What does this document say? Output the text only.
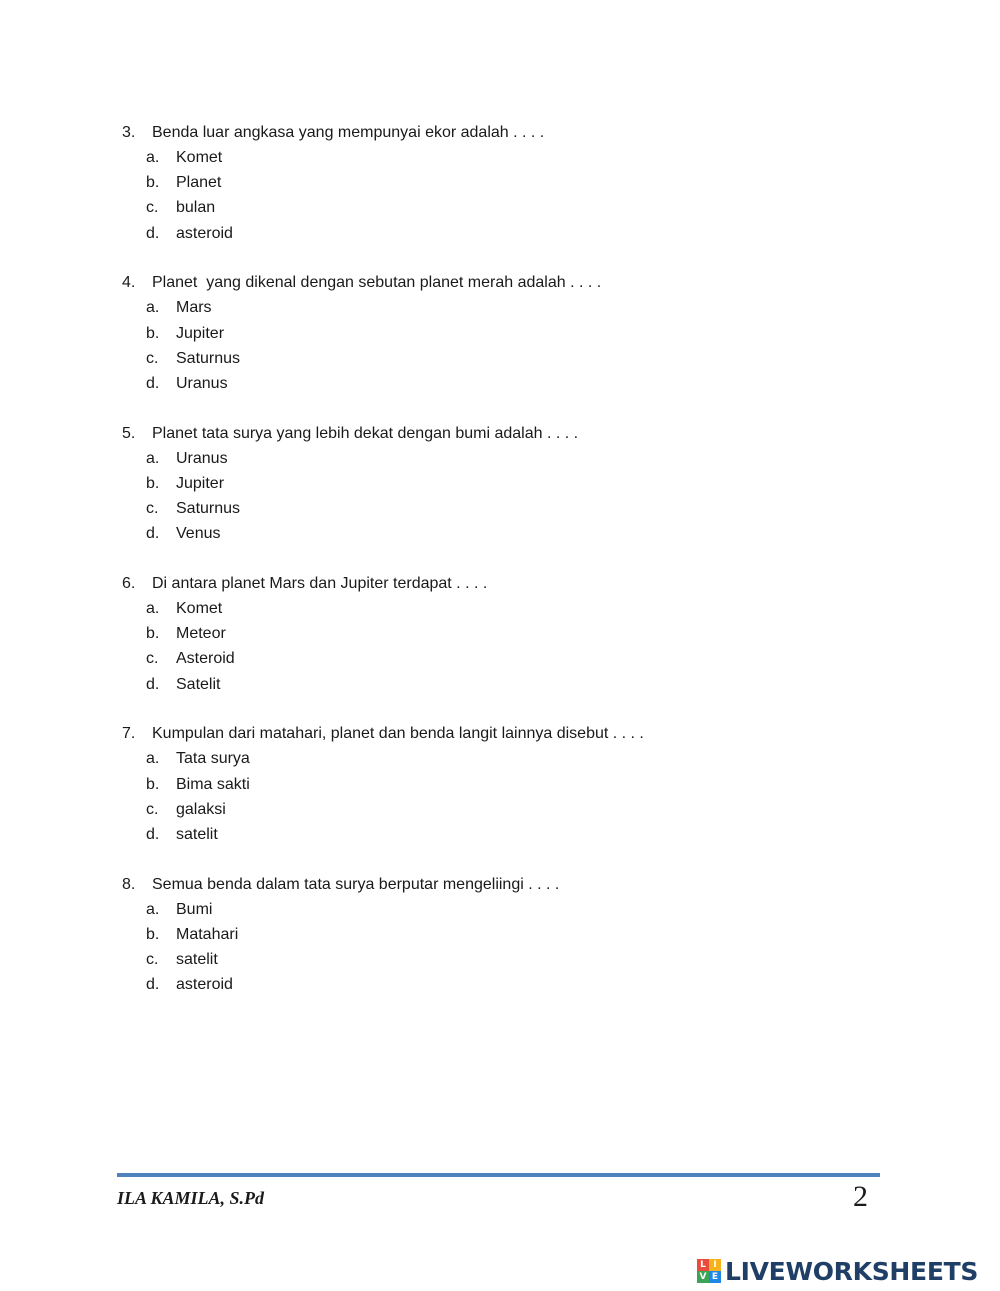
3. Benda luar angkasa yang mempunyai ekor adalah . . . .
a. Komet
b. Planet
c. bulan
d. asteroid
4. Planet  yang dikenal dengan sebutan planet merah adalah . . . .
a. Mars
b. Jupiter
c. Saturnus
d. Uranus
5. Planet tata surya yang lebih dekat dengan bumi adalah . . . .
a. Uranus
b. Jupiter
c. Saturnus
d. Venus
6. Di antara planet Mars dan Jupiter terdapat . . . .
a. Komet
b. Meteor
c. Asteroid
d. Satelit
7. Kumpulan dari matahari, planet dan benda langit lainnya disebut . . . .
a. Tata surya
b. Bima sakti
c. galaksi
d. satelit
8. Semua benda dalam tata surya berputar mengeliingi . . . .
a. Bumi
b. Matahari
c. satelit
d. asteroid
ILA KAMILA, S.Pd	2
L I
V E LIVEWORKSHEETS
